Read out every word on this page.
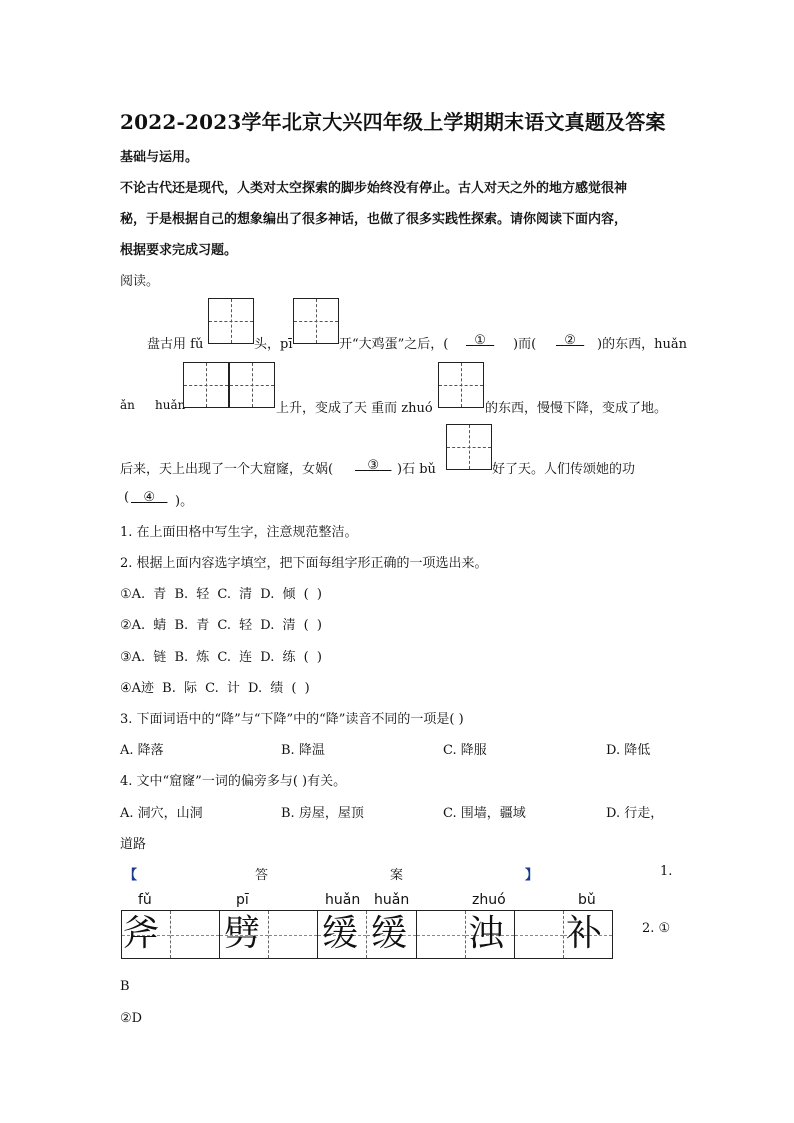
2022-2023学年北京大兴四年级上学期期末语文真题及答案
基础与运用。
不论古代还是现代，人类对太空探索的脚步始终没有停止。古人对天之外的地方感觉很神
秘，于是根据自己的想象编出了很多神话，也做了很多实践性探索。请你阅读下面内容，
根据要求完成习题。
阅读。
盘古用 fǔ	头，pī	开“大鸡蛋”之后，(	①	)而(	②	)的东西，huǎn
ǎn huǎn	上升，变成了天 重而 zhuó	的东西，慢慢下降，变成了地。
后来，天上出现了一个大窟窿，女娲(	③	)石 bǔ	好了天。人们传颂她的功
(	④	)。
1. 在上面田格中写生字，注意规范整洁。
2. 根据上面内容选字填空，把下面每组字形正确的一项选出来。
①A. 青 B. 轻 C. 清 D. 倾 ( )
②A. 蜻 B. 青 C. 轻 D. 清 ( )
③A. 链 B. 炼 C. 连 D. 练 ( )
④A迹 B. 际 C. 计 D. 绩 ( )
3. 下面词语中的“降”与“下降”中的“降”读音不同的一项是( )
A. 降落	B. 降温	C. 降服	D. 降低
4. 文中“窟窿”一词的偏旁多与( )有关。
A. 洞穴，山洞	B. 房屋，屋顶	C. 围墙，疆域	D. 行走，
道路
【	答	案	】	1.
fǔ	pī	huǎn huǎn	zhuó	bǔ
斧 劈 缓 缓 浊 补	2. ①
B
②D
